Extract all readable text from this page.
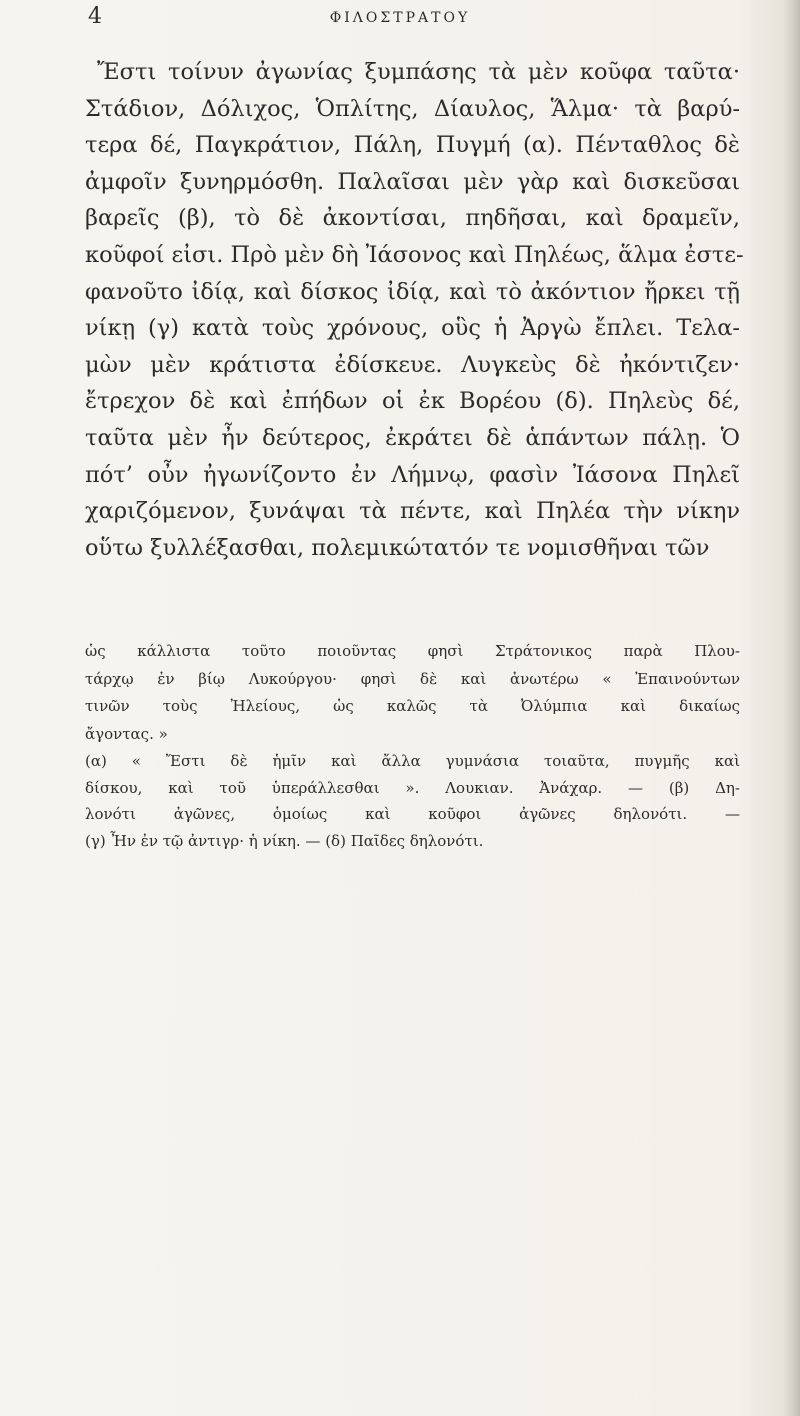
4	ΦΙΛΟΣΤΡΑΤΟΥ
Ἔστι τοίνυν ἀγωνίας ξυμπάσης τὰ μὲν κοῦφα ταῦτα·
Στάδιον, Δόλιχος, Ὁπλίτης, Δίαυλος, Ἅλμα· τὰ βαρύ-
τερα δέ, Παγκράτιον, Πάλη, Πυγμή (α). Πένταθλος δὲ
ἀμφοῖν ξυνηρμόσθη. Παλαῖσαι μὲν γὰρ καὶ δισκεῦσαι
βαρεῖς (β), τὸ δὲ ἀκοντίσαι, πηδῆσαι, καὶ δραμεῖν,
κοῦφοί εἰσι. Πρὸ μὲν δὴ Ἰάσονος καὶ Πηλέως, ἅλμα ἐστε-
φανοῦτο ἰδίᾳ, καὶ δίσκος ἰδίᾳ, καὶ τὸ ἀκόντιον ἤρκει τῇ
νίκῃ (γ) κατὰ τοὺς χρόνους, οὓς ἡ Ἀργὼ ἔπλει. Τελα-
μὼν μὲν κράτιστα ἐδίσκευε. Λυγκεὺς δὲ ἠκόντιζεν·
ἔτρεχον δὲ καὶ ἐπήδων οἱ ἐκ Βορέου (δ). Πηλεὺς δέ,
ταῦτα μὲν ἦν δεύτερος, ἐκράτει δὲ ἁπάντων πάλῃ. Ὁ
πότ’ οὖν ἠγωνίζοντο ἐν Λήμνῳ, φασὶν Ἰάσονα Πηλεῖ
χαριζόμενον, ξυνάψαι τὰ πέντε, καὶ Πηλέα τὴν νίκην
οὕτω ξυλλέξασθαι, πολεμικώτατόν τε νομισθῆναι τῶν
ὡς κάλλιστα τοῦτο ποιοῦντας φησὶ Στράτονικος παρὰ Πλου-
τάρχῳ ἐν βίῳ Λυκούργου· φησὶ δὲ καὶ ἀνωτέρω « Ἐπαινούντων
τινῶν τοὺς Ἠλείους, ὡς καλῶς τὰ Ὀλύμπια καὶ δικαίως
ἄγοντας. »
(α) « Ἔστι δὲ ἡμῖν καὶ ἄλλα γυμνάσια τοιαῦτα, πυγμῆς καὶ
δίσκου, καὶ τοῦ ὑπεράλλεσθαι ». Λουκιαν. Ἀνάχαρ. — (β) Δη-
λονότι ἀγῶνες, ὁμοίως καὶ κοῦφοι ἀγῶνες δηλονότι. —
(γ) Ἦν ἐν τῷ ἀντιγρ· ἡ νίκη. — (δ) Παῖδες δηλονότι.
